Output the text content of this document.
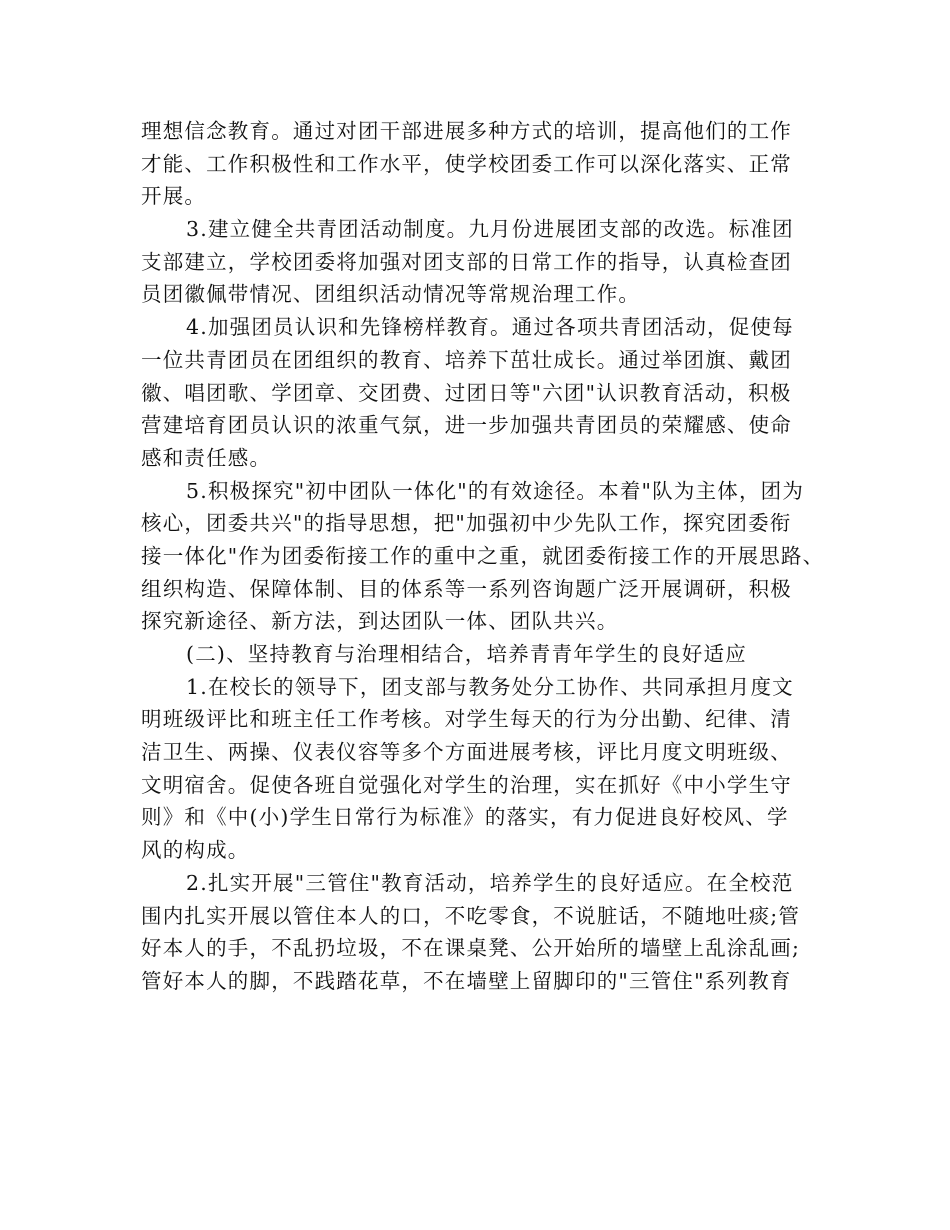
理想信念教育。通过对团干部进展多种方式的培训，提高他们的工作
才能、工作积极性和工作水平，使学校团委工作可以深化落实、正常
开展。
3.建立健全共青团活动制度。九月份进展团支部的改选。标准团
支部建立，学校团委将加强对团支部的日常工作的指导，认真检查团
员团徽佩带情况、团组织活动情况等常规治理工作。
4.加强团员认识和先锋榜样教育。通过各项共青团活动，促使每
一位共青团员在团组织的教育、培养下茁壮成长。通过举团旗、戴团
徽、唱团歌、学团章、交团费、过团日等"六团"认识教育活动，积极
营建培育团员认识的浓重气氛，进一步加强共青团员的荣耀感、使命
感和责任感。
5.积极探究"初中团队一体化"的有效途径。本着"队为主体，团为
核心，团委共兴"的指导思想，把"加强初中少先队工作，探究团委衔
接一体化"作为团委衔接工作的重中之重，就团委衔接工作的开展思路、
组织构造、保障体制、目的体系等一系列咨询题广泛开展调研，积极
探究新途径、新方法，到达团队一体、团队共兴。
(二)、坚持教育与治理相结合，培养青青年学生的良好适应
1.在校长的领导下，团支部与教务处分工协作、共同承担月度文
明班级评比和班主任工作考核。对学生每天的行为分出勤、纪律、清
洁卫生、两操、仪表仪容等多个方面进展考核，评比月度文明班级、
文明宿舍。促使各班自觉强化对学生的治理，实在抓好《中小学生守
则》和《中(小)学生日常行为标准》的落实，有力促进良好校风、学
风的构成。
2.扎实开展"三管住"教育活动，培养学生的良好适应。在全校范
围内扎实开展以管住本人的口，不吃零食，不说脏话，不随地吐痰;管
好本人的手，不乱扔垃圾，不在课桌凳、公开始所的墙壁上乱涂乱画;
管好本人的脚，不践踏花草，不在墙壁上留脚印的"三管住"系列教育
